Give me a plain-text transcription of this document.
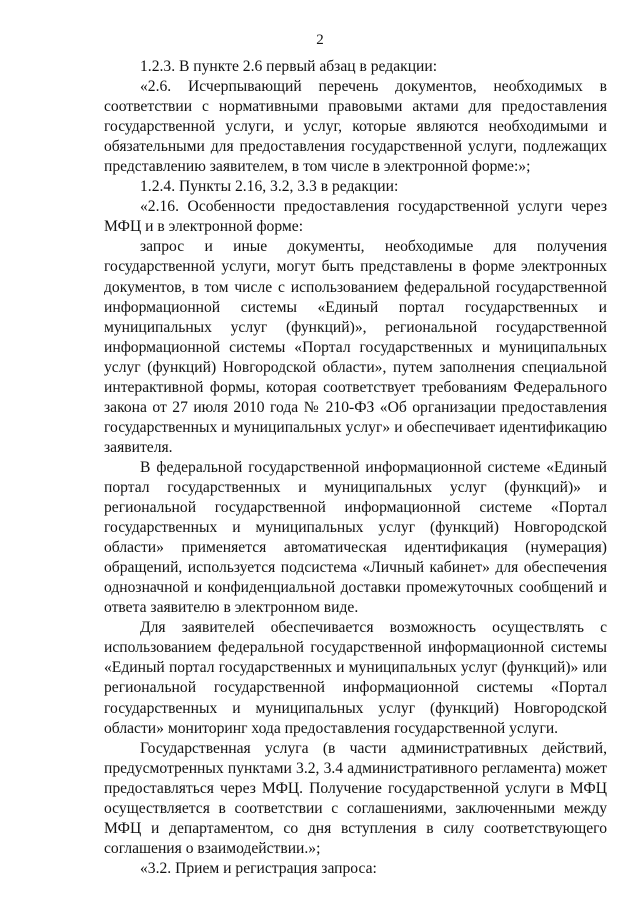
2

1.2.3. В пункте 2.6 первый абзац в редакции:

«2.6. Исчерпывающий перечень документов, необходимых в соответствии с нормативными правовыми актами для предоставления государственной услуги, и услуг, которые являются необходимыми и обязательными для предоставления государственной услуги, подлежащих представлению заявителем, в том числе в электронной форме:»;

1.2.4. Пункты 2.16, 3.2, 3.3 в редакции:

«2.16. Особенности предоставления государственной услуги через МФЦ и в электронной форме:

запрос и иные документы, необходимые для получения государственной услуги, могут быть представлены в форме электронных документов, в том числе с использованием федеральной государственной информационной системы «Единый портал государственных и муниципальных услуг (функций)», региональной государственной информационной системы «Портал государственных и муниципальных услуг (функций) Новгородской области», путем заполнения специальной интерактивной формы, которая соответствует требованиям Федерального закона от 27 июля 2010 года № 210-ФЗ «Об организации предоставления государственных и муниципальных услуг» и обеспечивает идентификацию заявителя.

В федеральной государственной информационной системе «Единый портал государственных и муниципальных услуг (функций)» и региональной государственной информационной системе «Портал государственных и муниципальных услуг (функций) Новгородской области» применяется автоматическая идентификация (нумерация) обращений, используется подсистема «Личный кабинет» для обеспечения однозначной и конфиденциальной доставки промежуточных сообщений и ответа заявителю в электронном виде.

Для заявителей обеспечивается возможность осуществлять с использованием федеральной государственной информационной системы «Единый портал государственных и муниципальных услуг (функций)» или региональной государственной информационной системы «Портал государственных и муниципальных услуг (функций) Новгородской области» мониторинг хода предоставления государственной услуги.

Государственная услуга (в части административных действий, предусмотренных пунктами 3.2, 3.4 административного регламента) может предоставляться через МФЦ. Получение государственной услуги в МФЦ осуществляется в соответствии с соглашениями, заключенными между МФЦ и департаментом, со дня вступления в силу соответствующего соглашения о взаимодействии.»;

«3.2. Прием и регистрация запроса:
